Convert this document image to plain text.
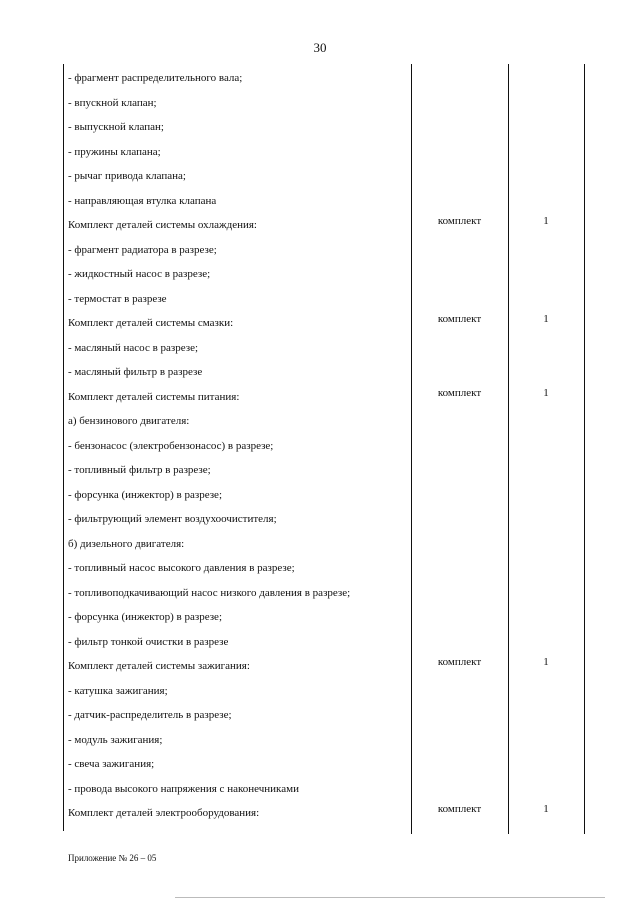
30
- фрагмент распределительного вала;
- впускной клапан;
- выпускной клапан;
- пружины клапана;
- рычаг привода клапана;
- направляющая втулка клапана
Комплект деталей системы охлаждения:	комплект	1
- фрагмент радиатора в разрезе;
- жидкостный насос в разрезе;
- термостат в разрезе
Комплект деталей системы смазки:	комплект	1
- масляный насос в разрезе;
- масляный фильтр в разрезе
Комплект деталей системы питания:	комплект	1
а) бензинового двигателя:
- бензонасос (электробензонасос) в разрезе;
- топливный фильтр в разрезе;
- форсунка (инжектор) в разрезе;
- фильтрующий элемент воздухоочистителя;
б) дизельного двигателя:
- топливный насос высокого давления в разрезе;
- топливоподкачивающий насос низкого давления в разрезе;
- форсунка (инжектор) в разрезе;
- фильтр тонкой очистки в разрезе
Комплект деталей системы зажигания:	комплект	1
- катушка зажигания;
- датчик-распределитель в разрезе;
- модуль зажигания;
- свеча зажигания;
- провода высокого напряжения с наконечниками
Комплект деталей электрооборудования:	комплект	1
Приложение № 26 – 05
